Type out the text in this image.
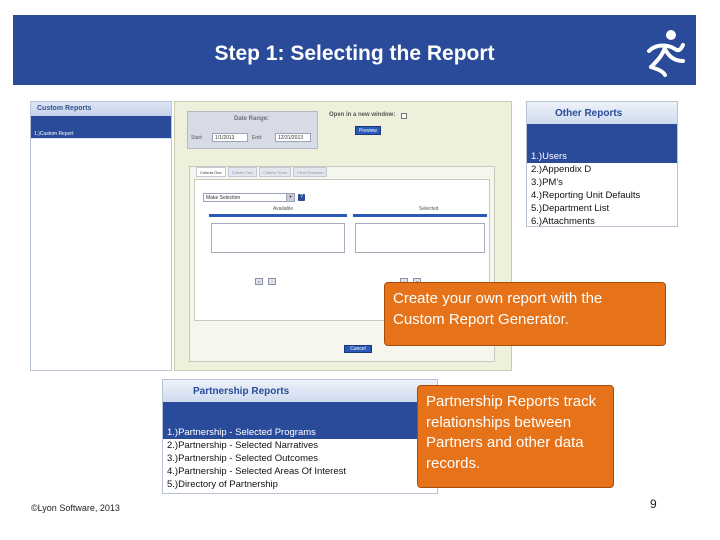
Step 1: Selecting the Report
Custom Reports
1.)Custom Report
Date Range:
Start:	1/1/2013	End:	12/31/2013
Open in a new window:
Preview
Criteria One	Criteria Two	Criteria Three	Field Selection
Make Selection	▼	?
Available	Selected
«	›
Cancel
Other Reports
1.)Users
2.)Appendix D
3.)PM's
4.)Reporting Unit Defaults
5.)Department List
6.)Attachments
Partnership Reports
1.)Partnership - Selected Programs
2.)Partnership - Selected Narratives
3.)Partnership - Selected Outcomes
4.)Partnership - Selected Areas Of Interest
5.)Directory of Partnership
Create your own report with the Custom Report Generator.
Partnership Reports track relationships between Partners and other data records.
©Lyon Software, 2013	9
